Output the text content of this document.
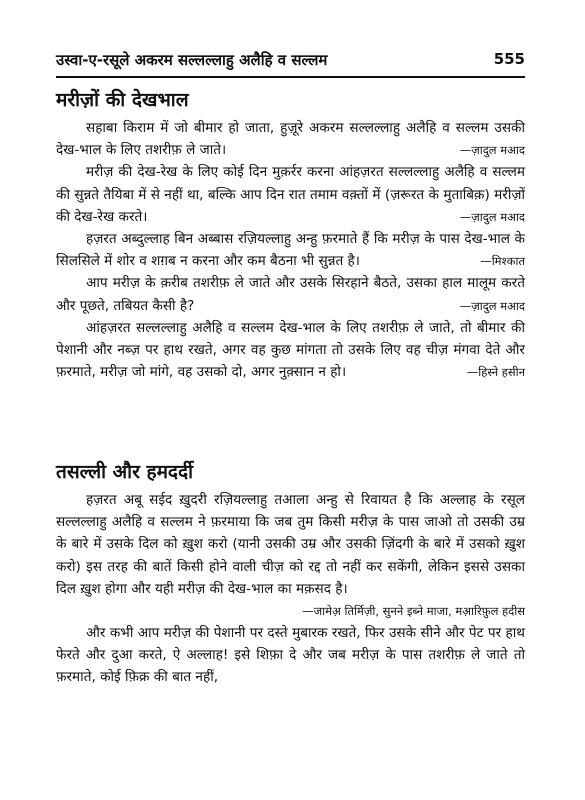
उस्वा-ए-रसूले अकरम सल्लल्लाहु अलैहि व सल्लम	555
मरीज़ों की देखभाल

सहाबा किराम में जो बीमार हो जाता, हुज़ूरे अकरम सल्लल्लाहु अलैहि व सल्लम उसकी देख-भाल के लिए तशरीफ़ ले जाते।	—ज़ादुल मआद

मरीज़ की देख-रेख के लिए कोई दिन मुक़र्रर करना आंहज़रत सल्लल्लाहु अलैहि व सल्लम की सुन्नते तैयिबा में से नहीं था, बल्कि आप दिन रात तमाम वक़्तों में (ज़रूरत के मुताबिक़) मरीज़ों की देख-रेख करते।	—ज़ादुल मआद

हज़रत अब्दुल्लाह बिन अब्बास रज़ियल्लाहु अन्हु फ़रमाते हैं कि मरीज़ के पास देख-भाल के सिलसिले में शोर व शग़ब न करना और कम बैठना भी सुन्नत है।	—मिश्कात

आप मरीज़ के क़रीब तशरीफ़ ले जाते और उसके सिरहाने बैठते, उसका हाल मालूम करते और पूछते, तबियत कैसी है?	—ज़ादुल मआद

आंहज़रत सल्लल्लाहु अलैहि व सल्लम देख-भाल के लिए तशरीफ़ ले जाते, तो बीमार की पेशानी और नब्ज़ पर हाथ रखते, अगर वह कुछ मांगता तो उसके लिए वह चीज़ मंगवा देते और फ़रमाते, मरीज़ जो मांगे, वह उसको दो, अगर नुक़्सान न हो।	—हिस्ने हसीन

तसल्ली और हमदर्दी

हज़रत अबू सईद ख़ुदरी रज़ियल्लाहु तआला अन्हु से रिवायत है कि अल्लाह के रसूल सल्लल्लाहु अलैहि व सल्लम ने फ़रमाया कि जब तुम किसी मरीज़ के पास जाओ तो उसकी उम्र के बारे में उसके दिल को ख़ुश करो (यानी उसकी उम्र और उसकी ज़िंदगी के बारे में उसको ख़ुश करो) इस तरह की बातें किसी होने वाली चीज़ को रद्द तो नहीं कर सकेंगी, लेकिन इससे उसका दिल ख़ुश होगा और यही मरीज़ की देख-भाल का मक़सद है।

—जामेअ़ तिर्मिज़ी, सुनने इब्ने माजा, मआ़रिफ़ुल हदीस

और कभी आप मरीज़ की पेशानी पर दस्ते मुबारक रखते, फिर उसके सीने और पेट पर हाथ फेरते और दुआ करते, ऐ अल्लाह! इसे शिफ़ा दे और जब मरीज़ के पास तशरीफ़ ले जाते तो फ़रमाते, कोई फ़िक्र की बात नहीं,
